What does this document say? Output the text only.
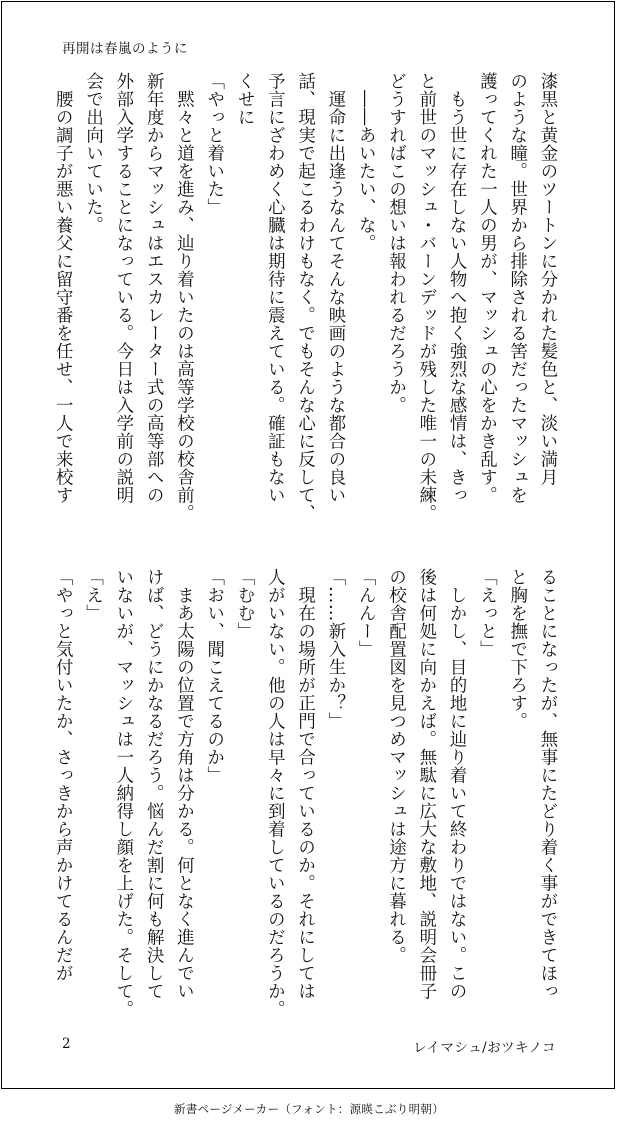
再開は春嵐のように

漆黒と黄金のツートンに分かれた髪色と、淡い満月

のような瞳。世界から排除される筈だったマッシュを

護ってくれた一人の男が、マッシュの心をかき乱す。

　もう世に存在しない人物へ抱く強烈な感情は、きっ

と前世のマッシュ・バーンデッドが残した唯一の未練。

どうすればこの想いは報われるだろうか。

　――あいたい、な。

　運命に出逢うなんてそんな映画のような都合の良い

話、現実で起こるわけもなく。でもそんな心に反して、

予言にざわめく心臓は期待に震えている。確証もない

くせに

「やっと着いた」

　黙々と道を進み、辿り着いたのは高等学校の校舎前。

新年度からマッシュはエスカレーター式の高等部への

外部入学することになっている。今日は入学前の説明

会で出向いていた。

　腰の調子が悪い養父に留守番を任せ、一人で来校す

ることになったが、無事にたどり着く事ができてほっ

と胸を撫で下ろす。

「えっと」

　しかし、目的地に辿り着いて終わりではない。この

後は何処に向かえば。無駄に広大な敷地、説明会冊子

の校舎配置図を見つめマッシュは途方に暮れる。

「んんー」

「……新入生か？」

　現在の場所が正門で合っているのか。それにしては

人がいない。他の人は早々に到着しているのだろうか。

「むむ」

「おい、聞こえてるのか」

　まあ太陽の位置で方角は分かる。何となく進んでい

けば、どうにかなるだろう。悩んだ割に何も解決して

いないが、マッシュは一人納得し顔を上げた。そして。

「え」

「やっと気付いたか、さっきから声かけてるんだが

2	レイマシュ/おツキノコ
新書ページメーカー（フォント：源暎こぶり明朝）
